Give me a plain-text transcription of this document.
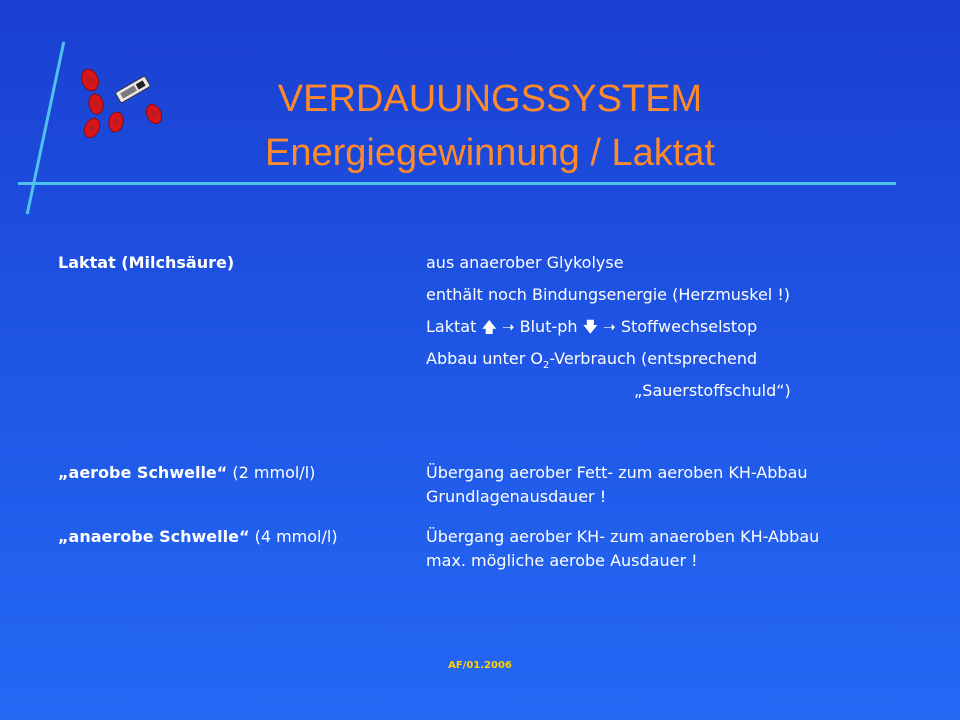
VERDAUUNGSSYSTEM
Energiegewinnung / Laktat
Laktat (Milchsäure)	aus anaerober Glykolyse
enthält noch Bindungsenergie (Herzmuskel !)
Laktat 🡅 ➝ Blut-ph 🡇 ➝ Stoffwechselstop
Abbau unter $O_2$-Verbrauch (entsprechend
„Sauerstoffschuld“)
„aerobe Schwelle“ (2 mmol/l)	Übergang aerober Fett- zum aeroben KH-Abbau
Grundlagenausdauer !
„anaerobe Schwelle“ (4 mmol/l)	Übergang aerober KH- zum anaeroben KH-Abbau
max. mögliche aerobe Ausdauer !
AF/01.2006
